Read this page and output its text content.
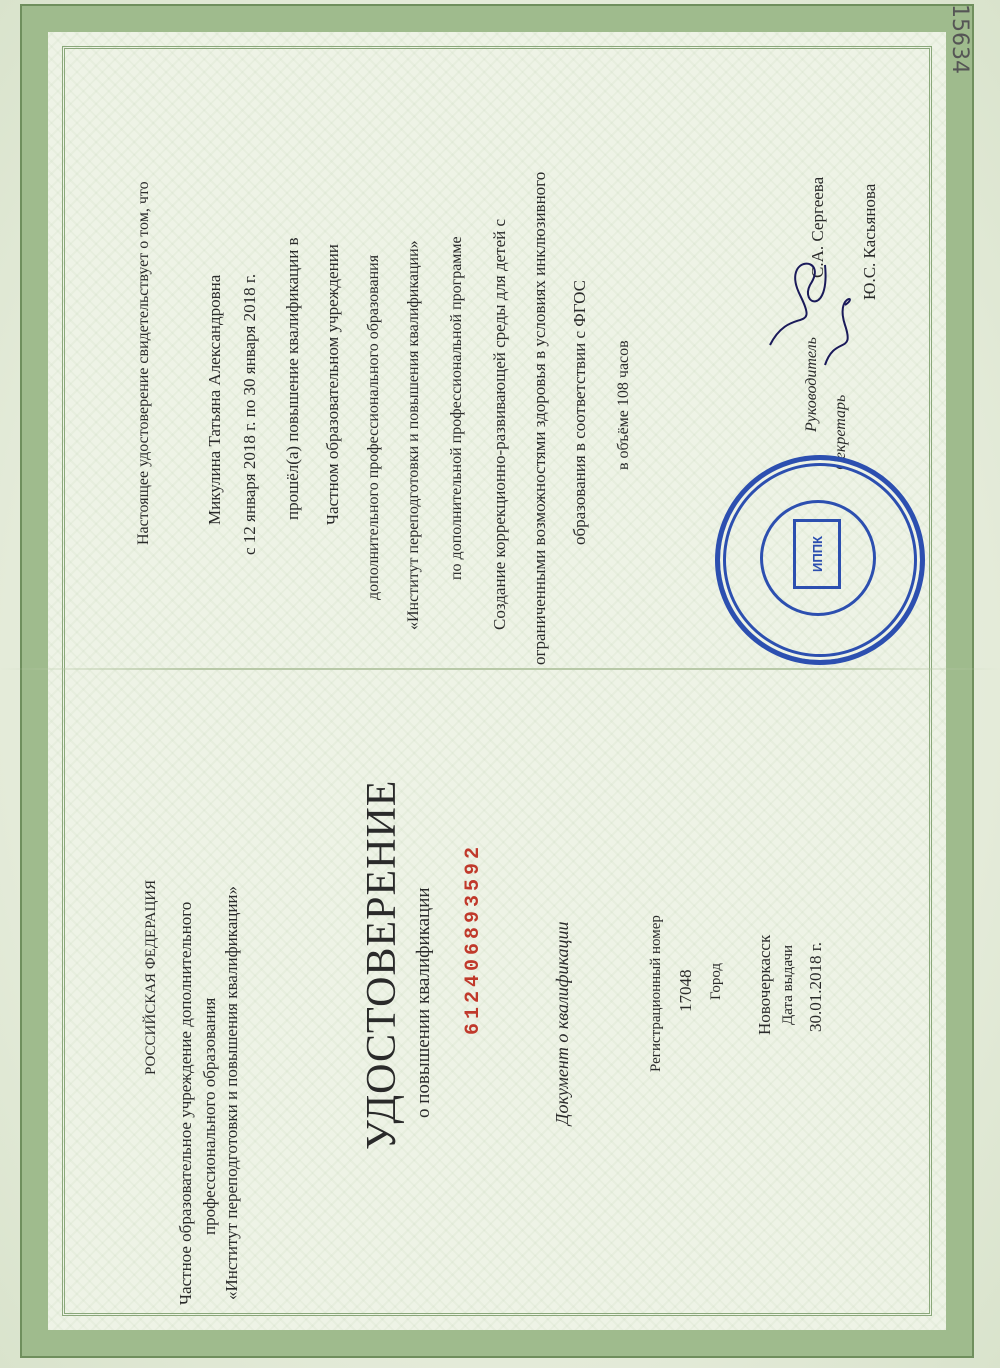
РОССИЙСКАЯ ФЕДЕРАЦИЯ Частное образовательное учреждение дополнительного профессионального образования «Институт переподготовки и повышения квалификации»	УДОСТОВЕРЕНИЕ о повышении квалификации 612406893592	Документ о квалификации	Регистрационный номер 17048 Город Новочеркасск Дата выдачи 30.01.2018 г.
Настоящее удостоверение свидетельствует о том, что	Микулина Татьяна Александровна с 12 января 2018 г. по 30 января 2018 г. прошёл(а) повышение квалификации в Частном образовательном учреждении дополнительного профессионального образования «Институт переподготовки и повышения квалификации» по дополнительной профессиональной программе Создание коррекционно-развивающей среды для детей с ограниченными возможностями здоровья в условиях инклюзивного образования в соответствии с ФГОС в объёме 108 часов	Руководитель
С.А. Сергеева
Секретарь
Ю.С. Касьянова
ИППК
15634
